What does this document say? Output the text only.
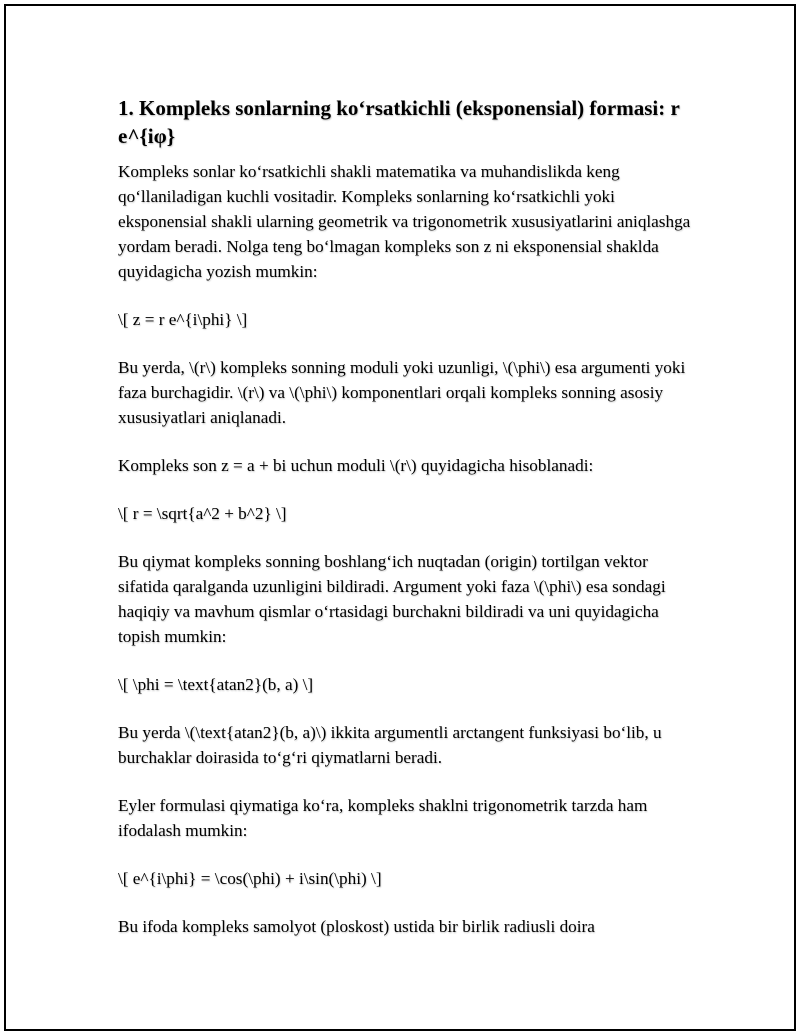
1. Kompleks sonlarning koʻrsatkichli (eksponensial) formasi: r e^{iφ}

Kompleks sonlar koʻrsatkichli shakli matematika va muhandislikda keng qoʻllaniladigan kuchli vositadir. Kompleks sonlarning koʻrsatkichli yoki eksponensial shakli ularning geometrik va trigonometrik xususiyatlarini aniqlashga yordam beradi. Nolga teng boʻlmagan kompleks son z ni eksponensial shaklda quyidagicha yozish mumkin:

\[ z = r e^{i\phi} \]

Bu yerda, \(r\) kompleks sonning moduli yoki uzunligi, \(\phi\) esa argumenti yoki faza burchagidir. \(r\) va \(\phi\) komponentlari orqali kompleks sonning asosiy xususiyatlari aniqlanadi.

Kompleks son z = a + bi uchun moduli \(r\) quyidagicha hisoblanadi:

\[ r = \sqrt{a^2 + b^2} \]

Bu qiymat kompleks sonning boshlangʻich nuqtadan (origin) tortilgan vektor sifatida qaralganda uzunligini bildiradi. Argument yoki faza \(\phi\) esa sondagi haqiqiy va mavhum qismlar oʻrtasidagi burchakni bildiradi va uni quyidagicha topish mumkin:

\[ \phi = \text{atan2}(b, a) \]

Bu yerda \(\text{atan2}(b, a)\) ikkita argumentli arctangent funksiyasi boʻlib, u burchaklar doirasida toʻgʻri qiymatlarni beradi.

Eyler formulasi qiymatiga koʻra, kompleks shaklni trigonometrik tarzda ham ifodalash mumkin:

\[ e^{i\phi} = \cos(\phi) + i\sin(\phi) \]

Bu ifoda kompleks samolyot (ploskost) ustida bir birlik radiusli doira
